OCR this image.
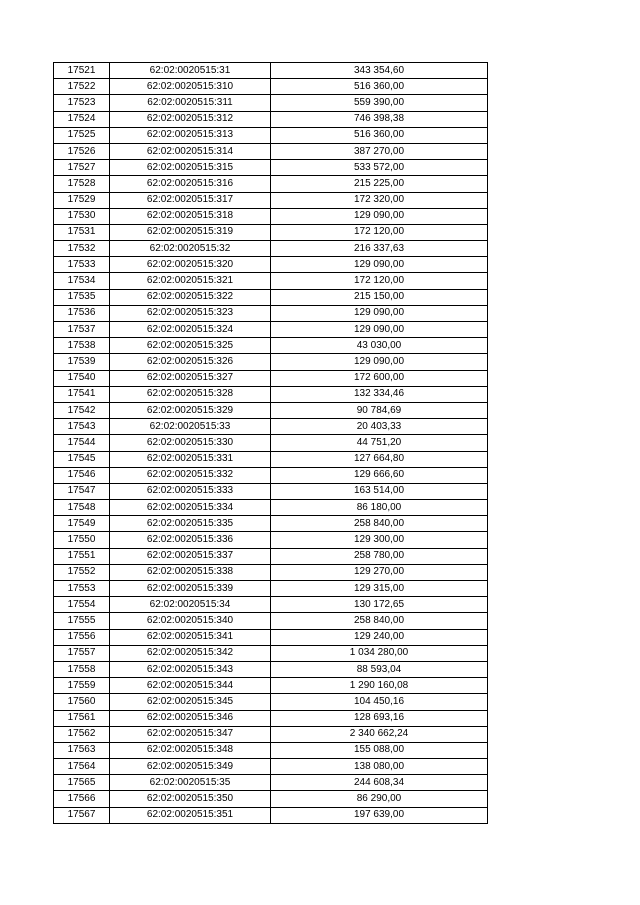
17521	62:02:0020515:31	343 354,60
17522	62:02:0020515:310	516 360,00
17523	62:02:0020515:311	559 390,00
17524	62:02:0020515:312	746 398,38
17525	62:02:0020515:313	516 360,00
17526	62:02:0020515:314	387 270,00
17527	62:02:0020515:315	533 572,00
17528	62:02:0020515:316	215 225,00
17529	62:02:0020515:317	172 320,00
17530	62:02:0020515:318	129 090,00
17531	62:02:0020515:319	172 120,00
17532	62:02:0020515:32	216 337,63
17533	62:02:0020515:320	129 090,00
17534	62:02:0020515:321	172 120,00
17535	62:02:0020515:322	215 150,00
17536	62:02:0020515:323	129 090,00
17537	62:02:0020515:324	129 090,00
17538	62:02:0020515:325	43 030,00
17539	62:02:0020515:326	129 090,00
17540	62:02:0020515:327	172 600,00
17541	62:02:0020515:328	132 334,46
17542	62:02:0020515:329	90 784,69
17543	62:02:0020515:33	20 403,33
17544	62:02:0020515:330	44 751,20
17545	62:02:0020515:331	127 664,80
17546	62:02:0020515:332	129 666,60
17547	62:02:0020515:333	163 514,00
17548	62:02:0020515:334	86 180,00
17549	62:02:0020515:335	258 840,00
17550	62:02:0020515:336	129 300,00
17551	62:02:0020515:337	258 780,00
17552	62:02:0020515:338	129 270,00
17553	62:02:0020515:339	129 315,00
17554	62:02:0020515:34	130 172,65
17555	62:02:0020515:340	258 840,00
17556	62:02:0020515:341	129 240,00
17557	62:02:0020515:342	1 034 280,00
17558	62:02:0020515:343	88 593,04
17559	62:02:0020515:344	1 290 160,08
17560	62:02:0020515:345	104 450,16
17561	62:02:0020515:346	128 693,16
17562	62:02:0020515:347	2 340 662,24
17563	62:02:0020515:348	155 088,00
17564	62:02:0020515:349	138 080,00
17565	62:02:0020515:35	244 608,34
17566	62:02:0020515:350	86 290,00
17567	62:02:0020515:351	197 639,00
